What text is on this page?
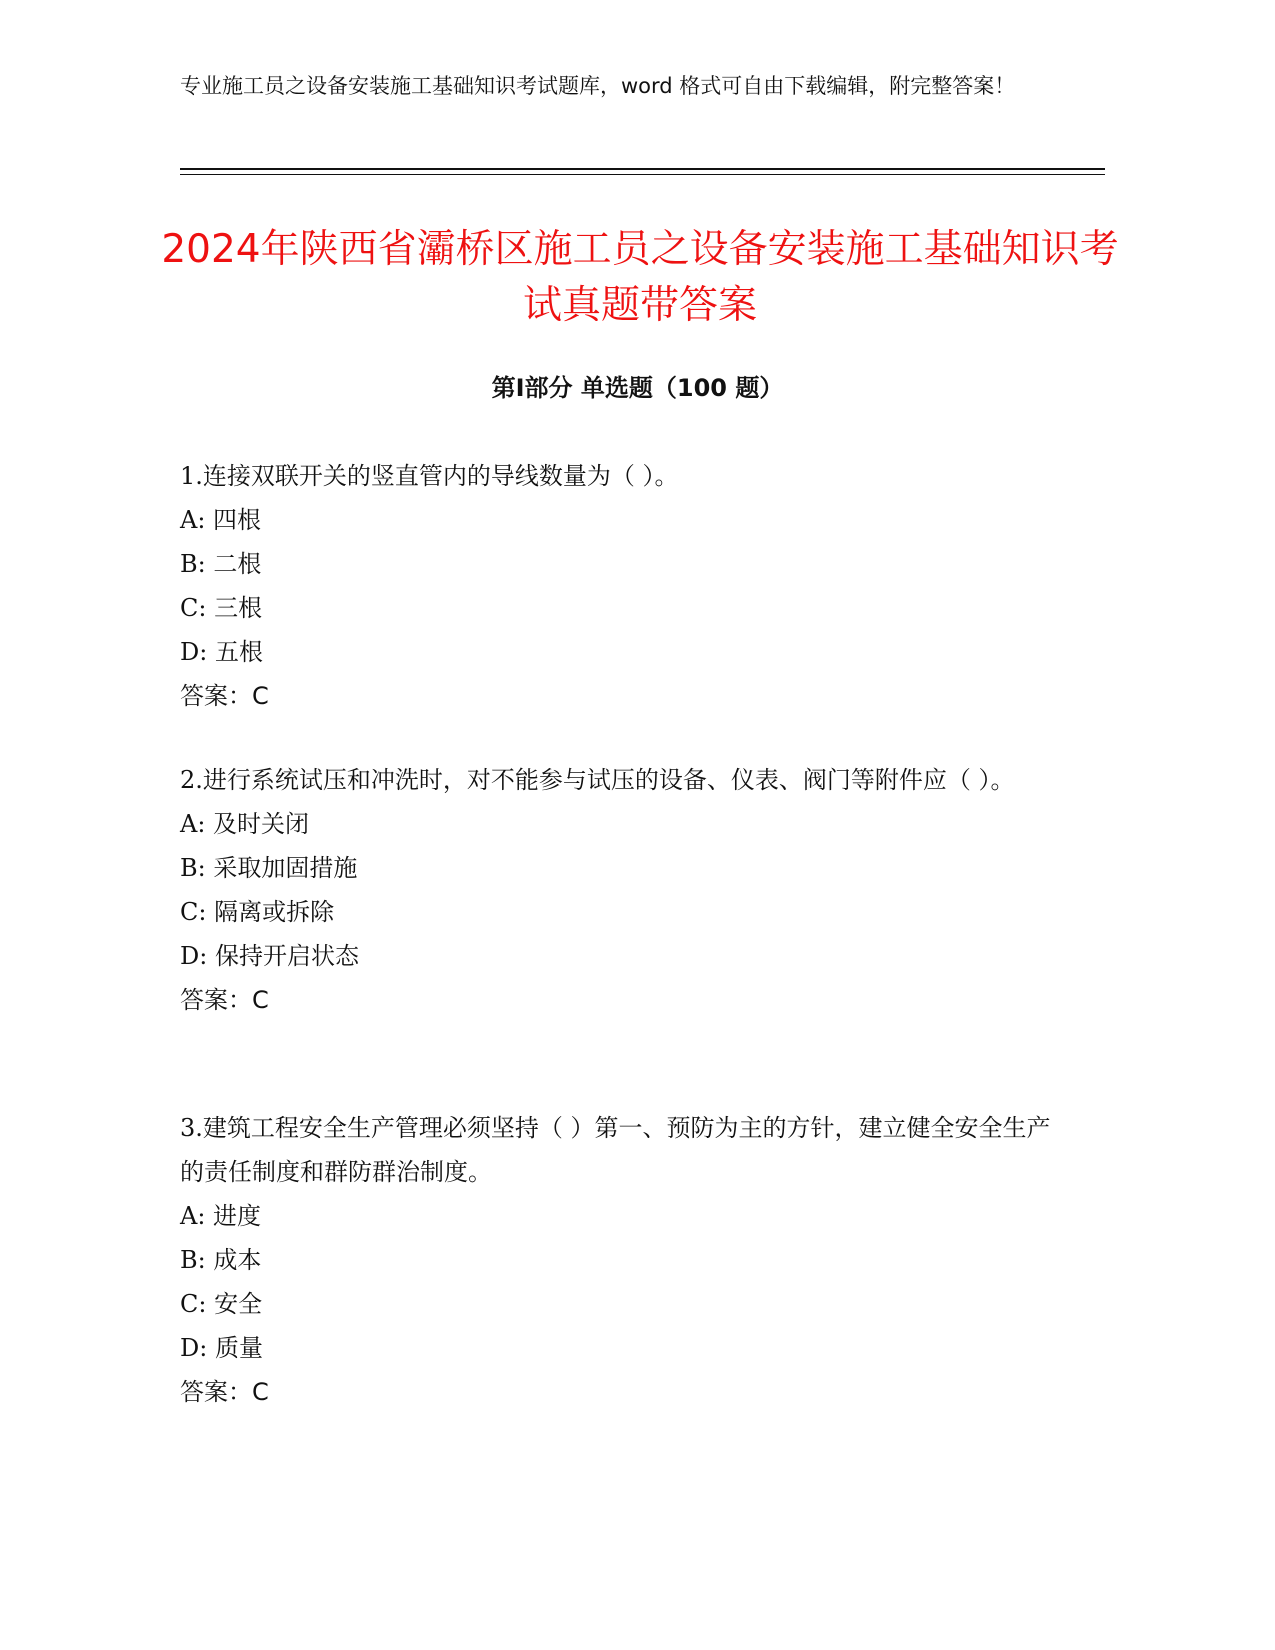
专业施工员之设备安装施工基础知识考试题库，word 格式可自由下载编辑，附完整答案！
2024年陕西省灞桥区施工员之设备安装施工基础知识考试真题带答案
第Ⅰ部分 单选题（100 题）

1.连接双联开关的竖直管内的导线数量为（ ）。

A: 四根

B: 二根

C: 三根

D: 五根

答案：C

2.进行系统试压和冲洗时，对不能参与试压的设备、仪表、阀门等附件应（ ）。

A: 及时关闭

B: 采取加固措施

C: 隔离或拆除

D: 保持开启状态

答案：C

3.建筑工程安全生产管理必须坚持（ ）第一、预防为主的方针，建立健全安全生产的责任制度和群防群治制度。

A: 进度

B: 成本

C: 安全

D: 质量

答案：C
